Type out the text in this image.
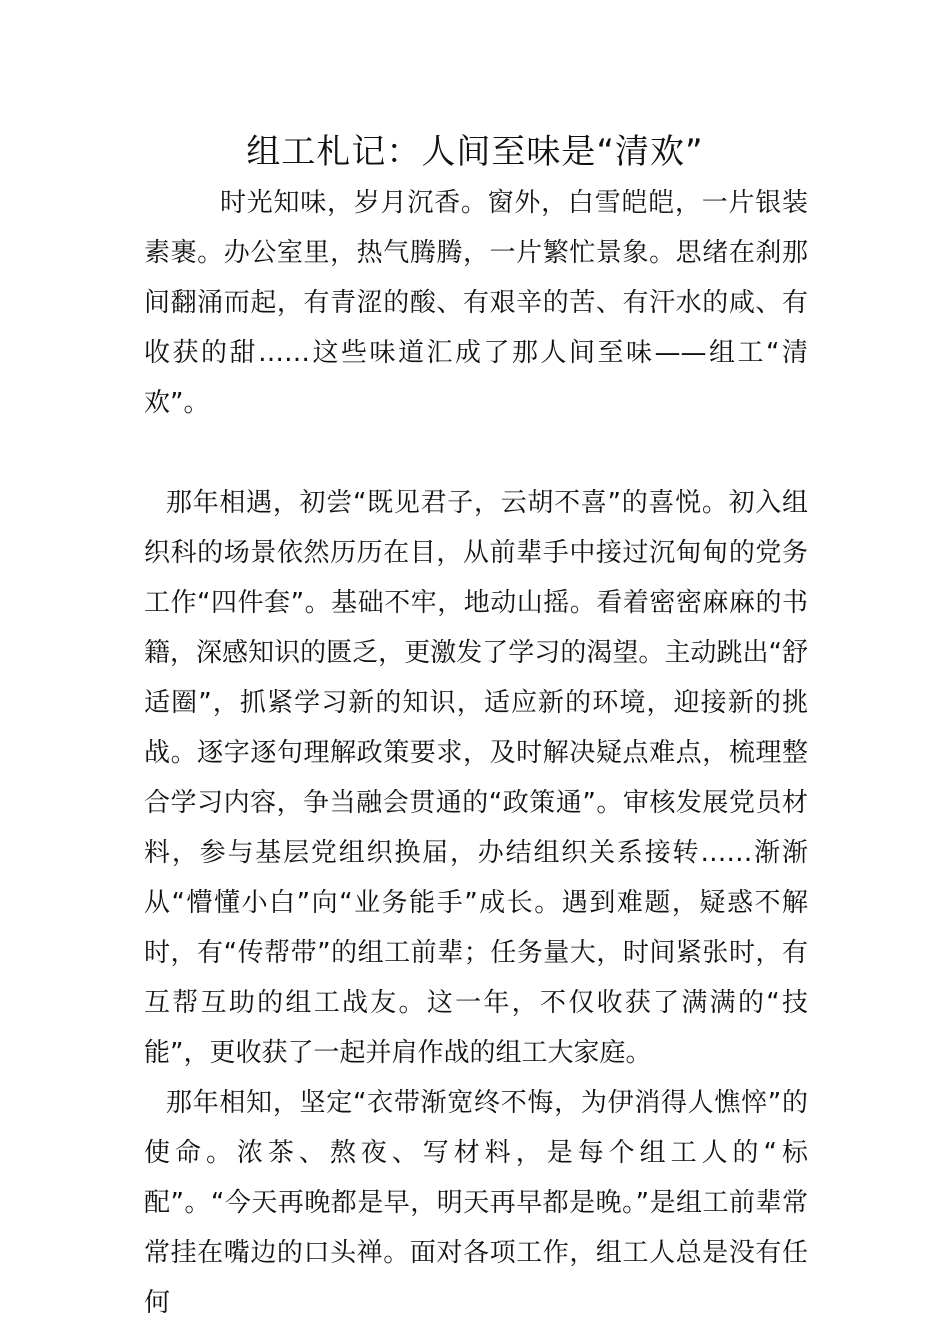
组工札记：人间至味是“清欢”

时光知味，岁月沉香。窗外，白雪皑皑，一片银装素裹。办公室里，热气腾腾，一片繁忙景象。思绪在刹那间翻涌而起，有青涩的酸、有艰辛的苦、有汗水的咸、有收获的甜……这些味道汇成了那人间至味——组工“清欢”。

那年相遇，初尝“既见君子，云胡不喜”的喜悦。初入组织科的场景依然历历在目，从前辈手中接过沉甸甸的党务工作“四件套”。基础不牢，地动山摇。看着密密麻麻的书籍，深感知识的匮乏，更激发了学习的渴望。主动跳出“舒适圈”，抓紧学习新的知识，适应新的环境，迎接新的挑战。逐字逐句理解政策要求，及时解决疑点难点，梳理整合学习内容，争当融会贯通的“政策通”。审核发展党员材料，参与基层党组织换届，办结组织关系接转……渐渐从“懵懂小白”向“业务能手”成长。遇到难题，疑惑不解时，有“传帮带”的组工前辈；任务量大，时间紧张时，有互帮互助的组工战友。这一年，不仅收获了满满的“技能”，更收获了一起并肩作战的组工大家庭。

那年相知，坚定“衣带渐宽终不悔，为伊消得人憔悴”的使命。浓茶、熬夜、写材料，是每个组工人的“标配”。“今天再晚都是早，明天再早都是晚。”是组工前辈常常挂在嘴边的口头禅。面对各项工作，组工人总是没有任何
